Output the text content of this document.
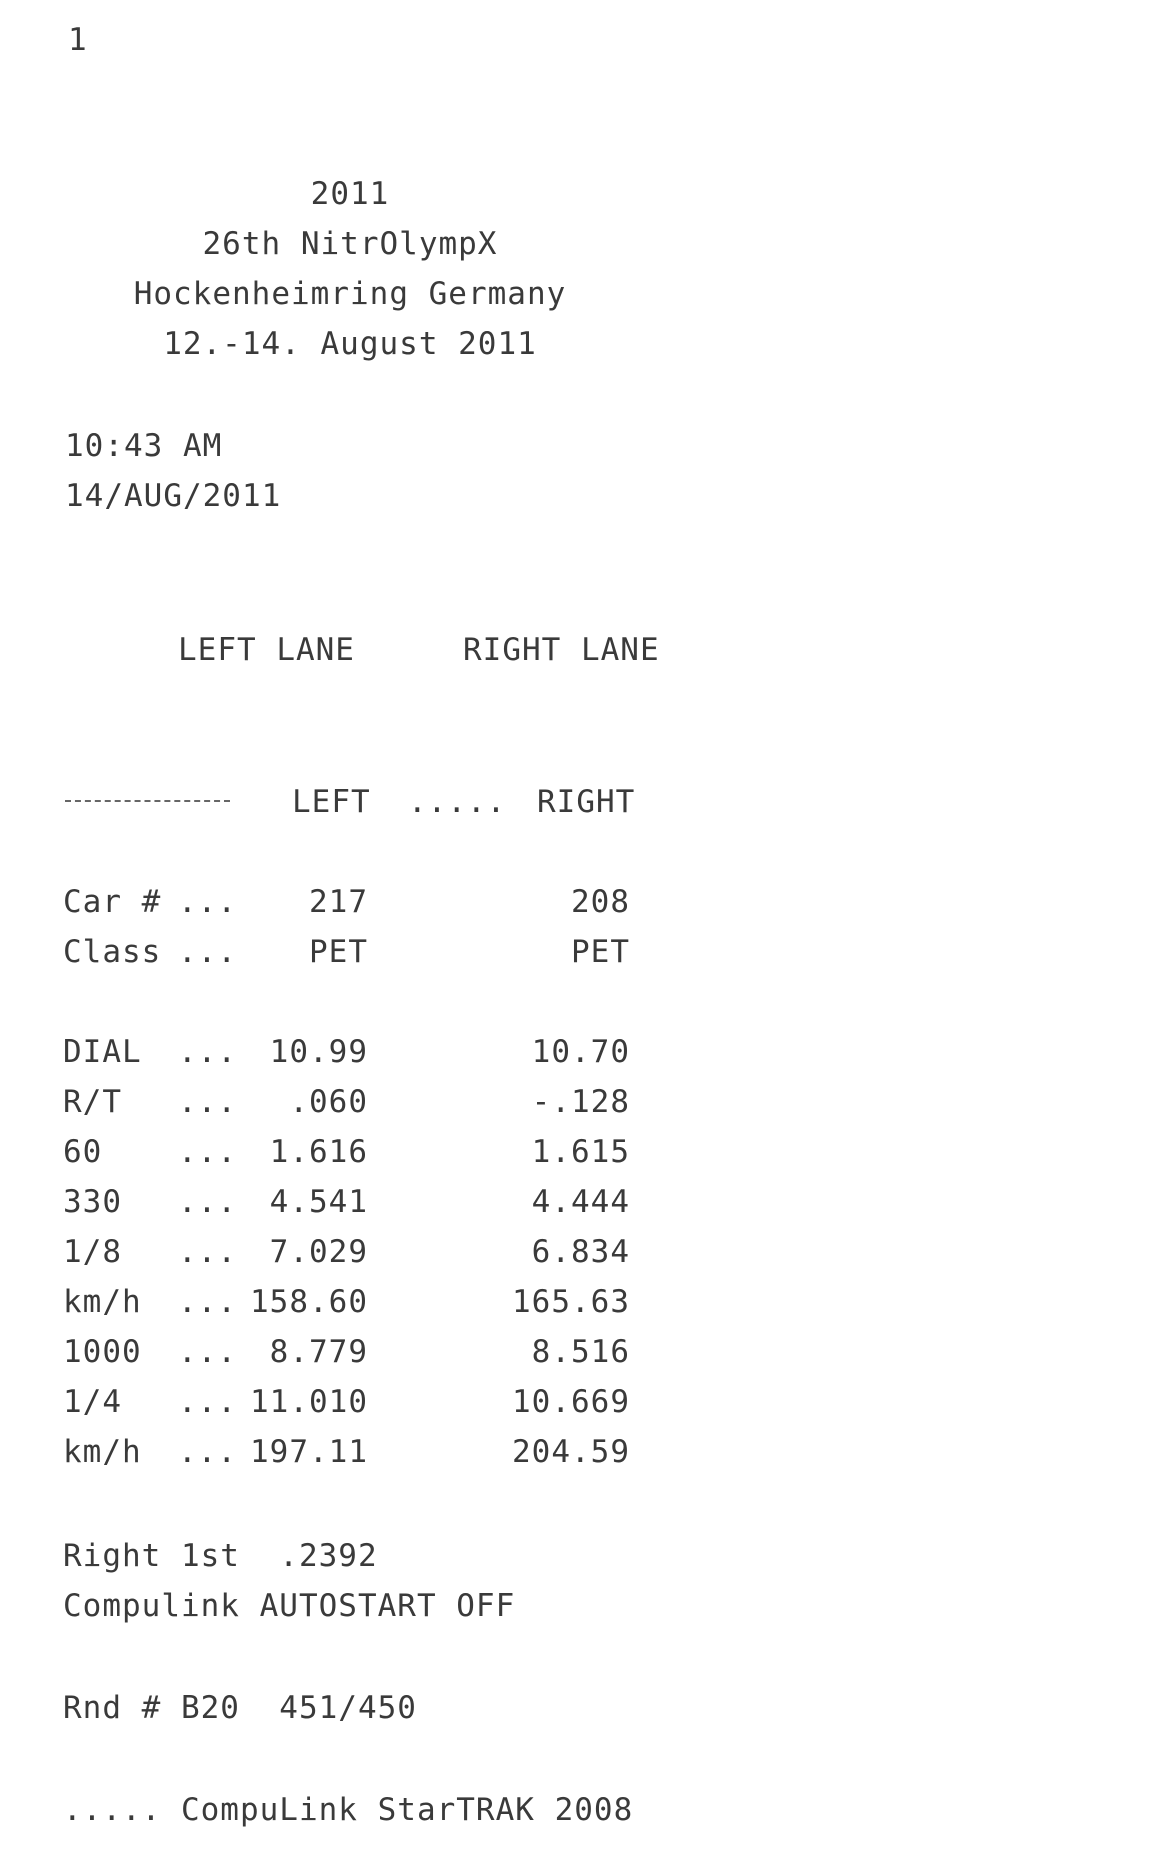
1
2011
26th NitrOlympX
Hockenheimring Germany
12.-14. August 2011
10:43 AM
14/AUG/2011
LEFT LANE	RIGHT LANE
LEFT ..... RIGHT
Car # ...	217	208
Class ...	PET	PET
DIAL ...	10.99	10.70
R/T ...	.060	-.128
60 ...	1.616	1.615
330 ...	4.541	4.444
1/8 ...	7.029	6.834
km/h ... 158.60	165.63
1000 ...	8.779	8.516
1/4 ... 11.010	10.669
km/h ... 197.11	204.59
Right 1st  .2392
Compulink AUTOSTART OFF
Rnd # B20  451/450
..... CompuLink StarTRAK 2008
